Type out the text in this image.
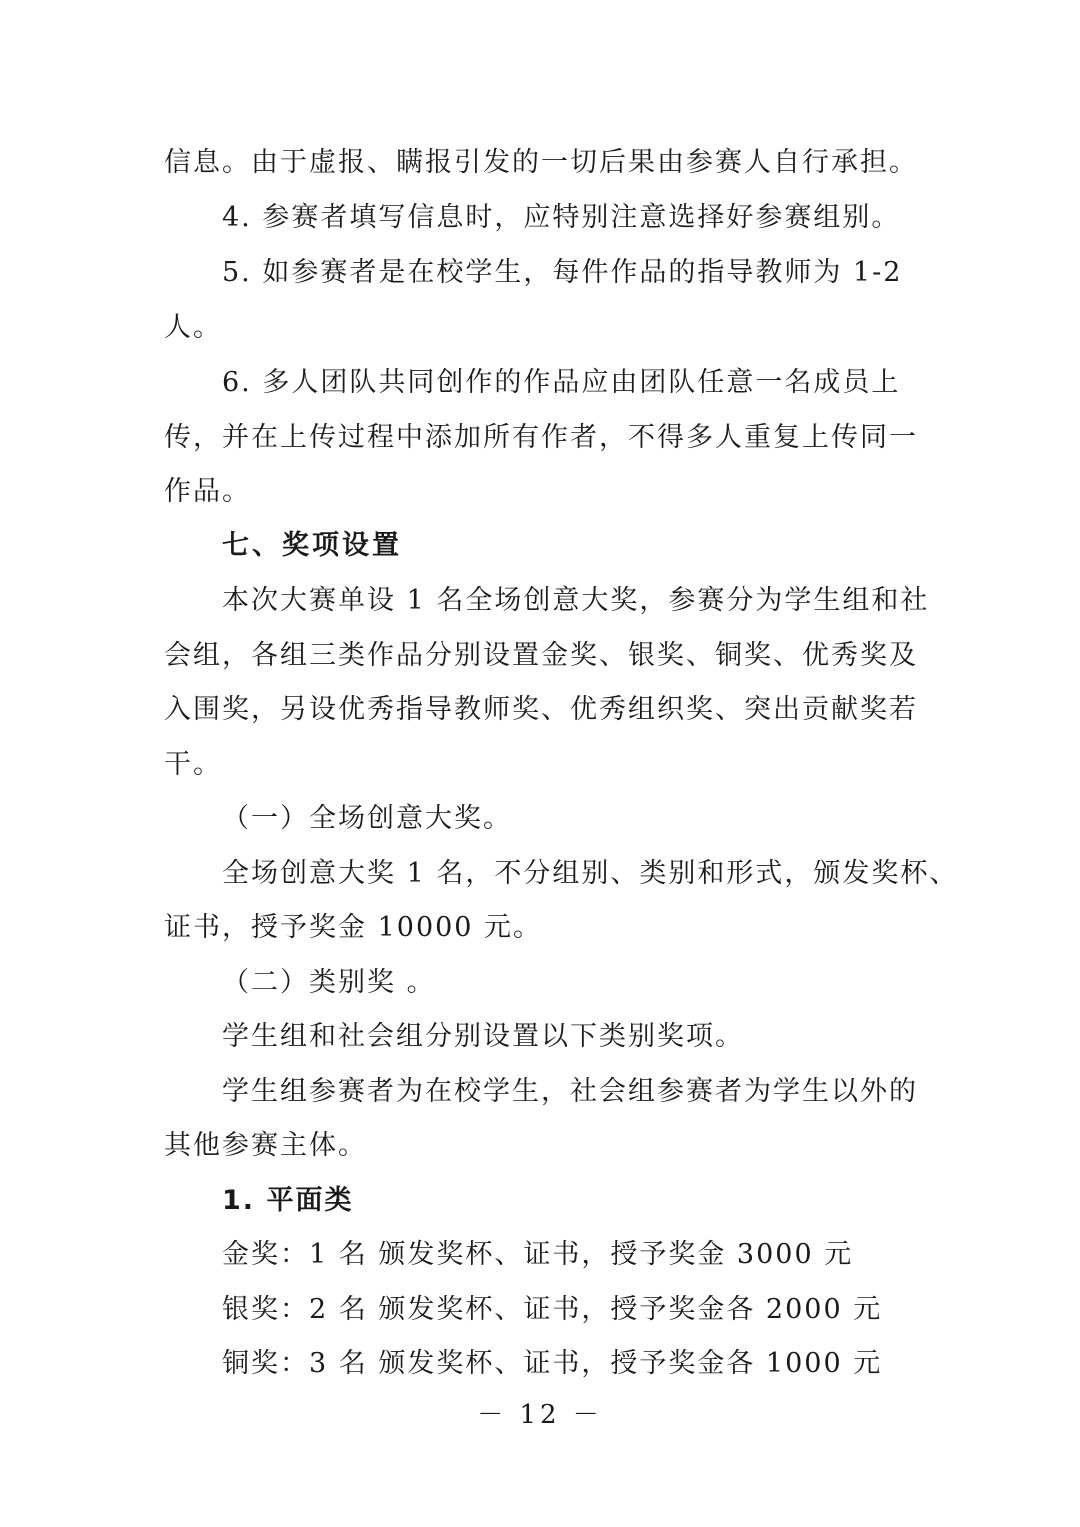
信息。由于虚报、瞒报引发的一切后果由参赛人自行承担。
4. 参赛者填写信息时，应特别注意选择好参赛组别。
5. 如参赛者是在校学生，每件作品的指导教师为 1-2
人。
6. 多人团队共同创作的作品应由团队任意一名成员上
传，并在上传过程中添加所有作者，不得多人重复上传同一
作品。
七、奖项设置
本次大赛单设 1 名全场创意大奖，参赛分为学生组和社
会组，各组三类作品分别设置金奖、银奖、铜奖、优秀奖及
入围奖，另设优秀指导教师奖、优秀组织奖、突出贡献奖若
干。
（一）全场创意大奖。
全场创意大奖 1 名，不分组别、类别和形式，颁发奖杯、
证书，授予奖金 10000 元。
（二）类别奖 。
学生组和社会组分别设置以下类别奖项。
学生组参赛者为在校学生，社会组参赛者为学生以外的
其他参赛主体。
1. 平面类
金奖：1 名 颁发奖杯、证书，授予奖金 3000 元
银奖：2 名 颁发奖杯、证书，授予奖金各 2000 元
铜奖：3 名 颁发奖杯、证书，授予奖金各 1000 元
－ 12 －
